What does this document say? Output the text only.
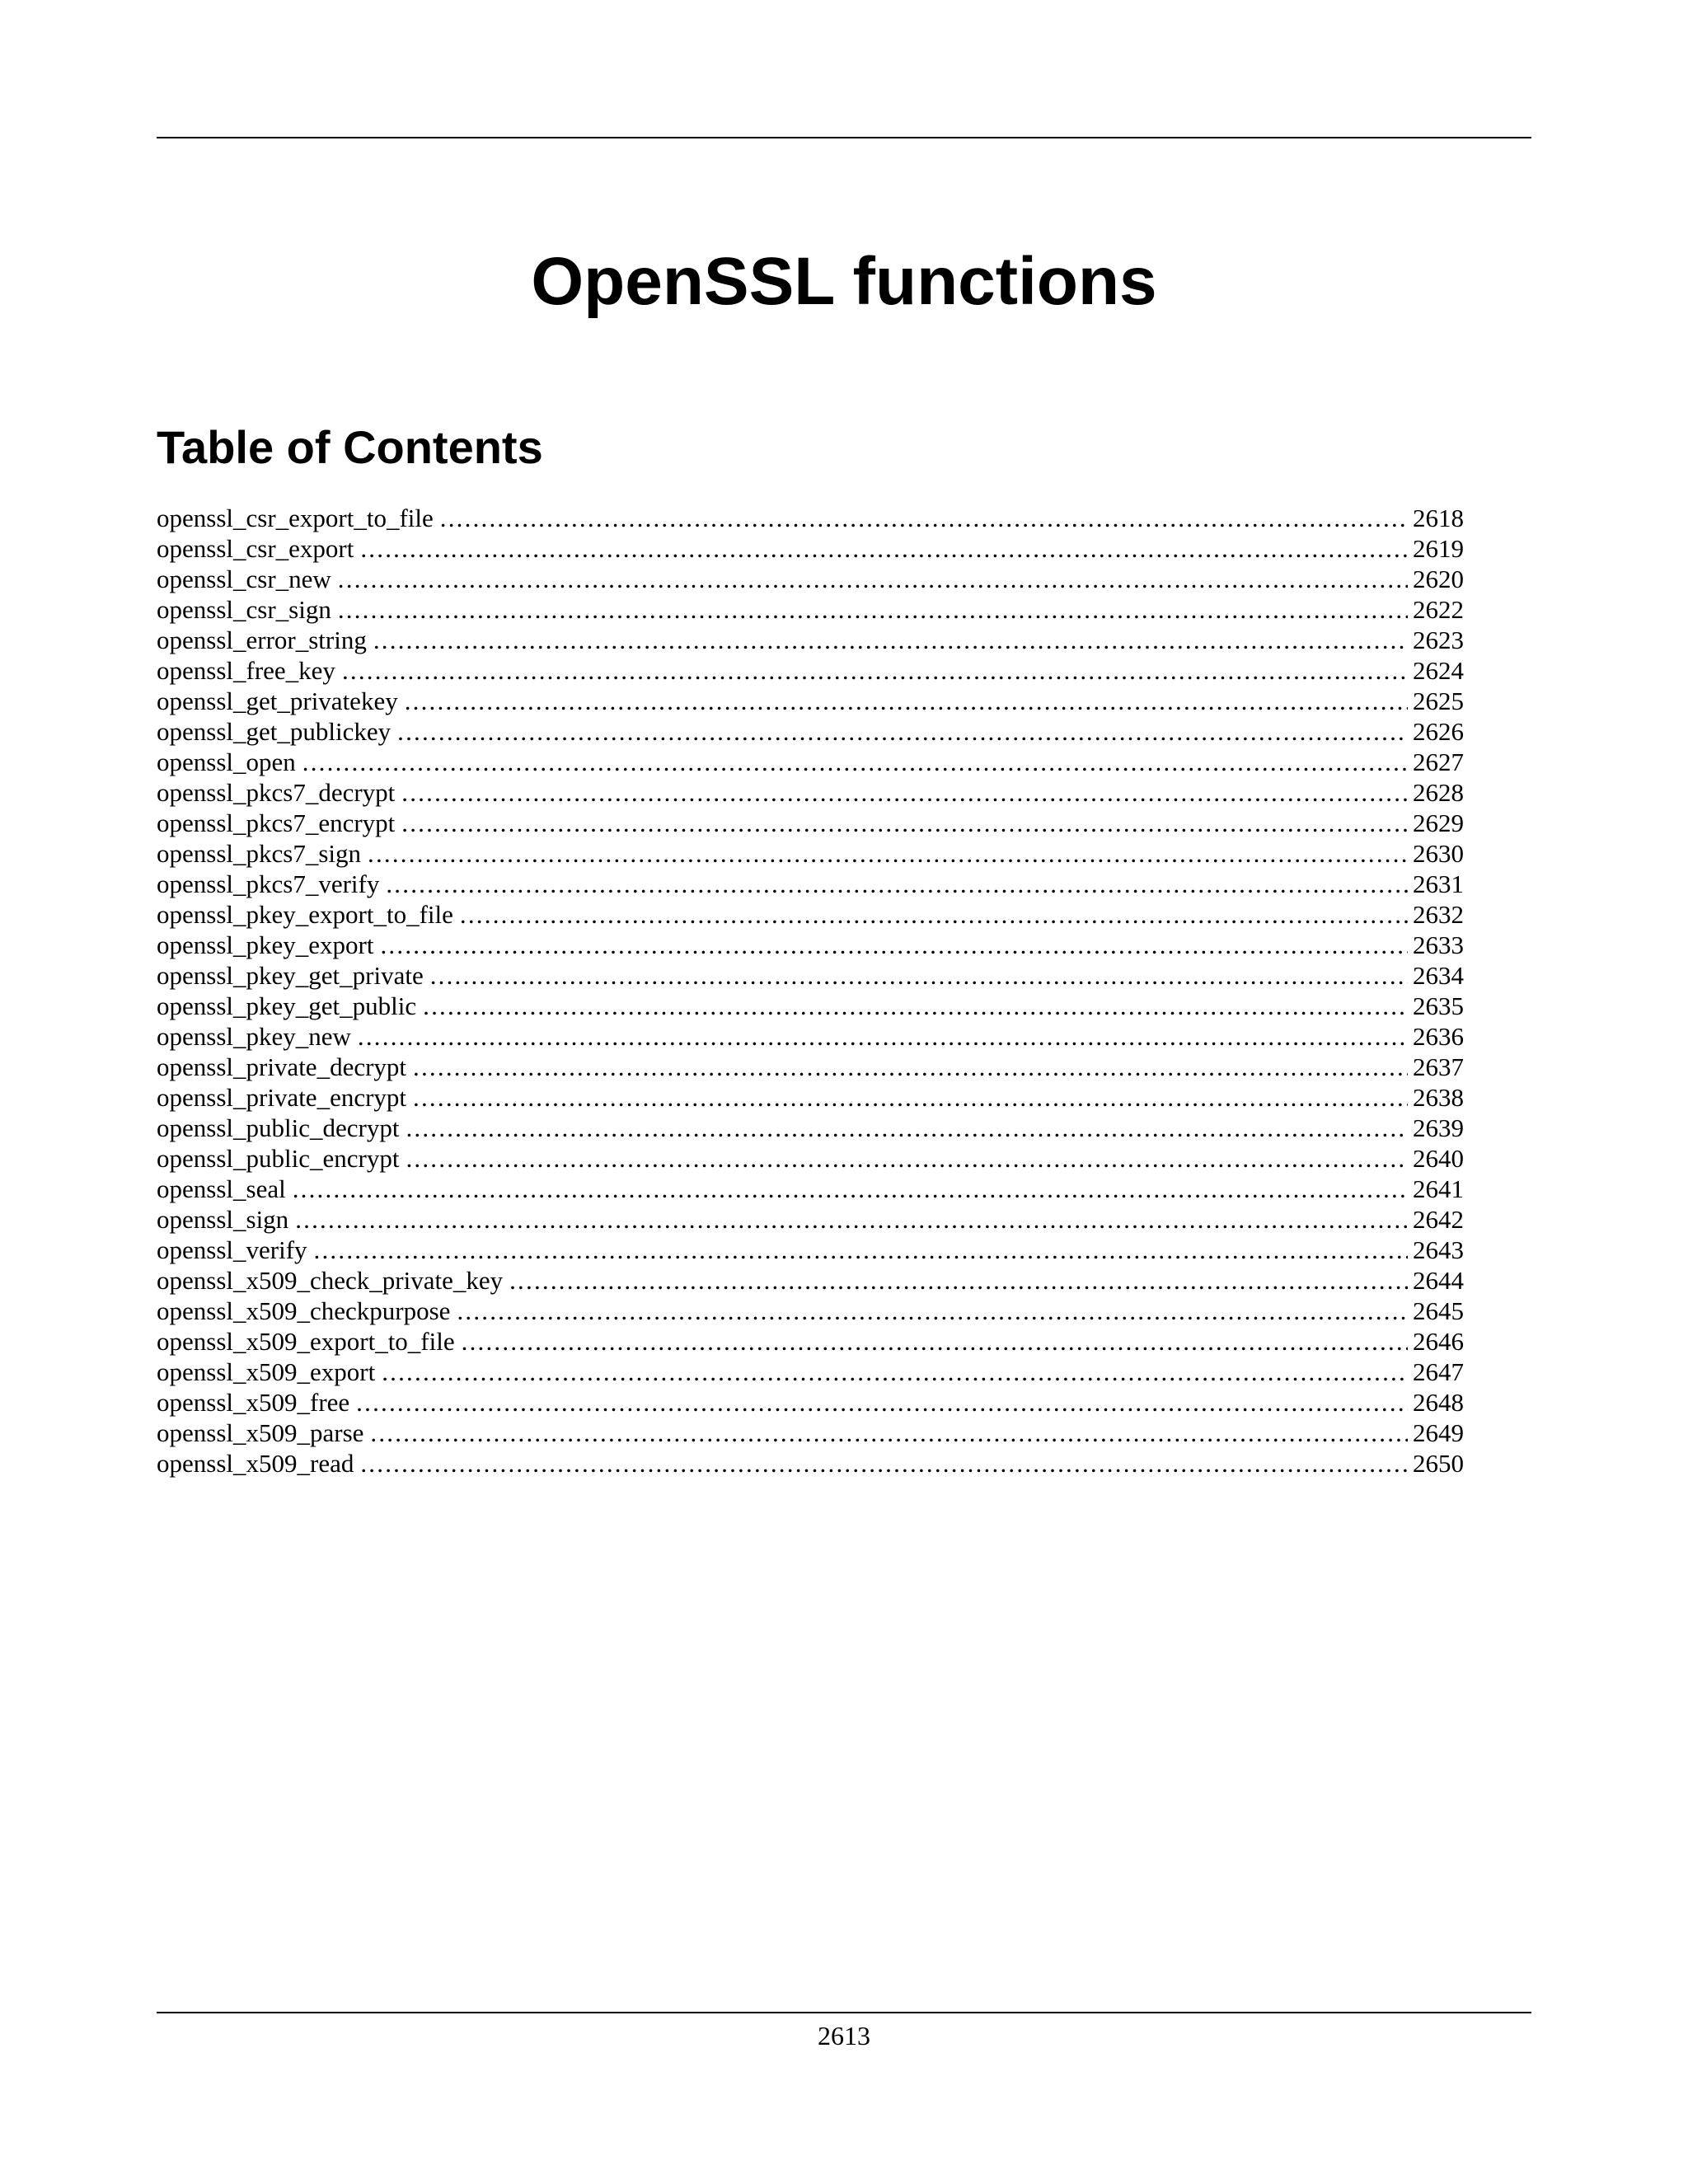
OpenSSL functions
Table of Contents
openssl_csr_export_to_file .....	2618
openssl_csr_export .....	2619
openssl_csr_new .....	2620
openssl_csr_sign .....	2622
openssl_error_string .....	2623
openssl_free_key .....	2624
openssl_get_privatekey .....	2625
openssl_get_publickey .....	2626
openssl_open .....	2627
openssl_pkcs7_decrypt .....	2628
openssl_pkcs7_encrypt .....	2629
openssl_pkcs7_sign .....	2630
openssl_pkcs7_verify .....	2631
openssl_pkey_export_to_file .....	2632
openssl_pkey_export .....	2633
openssl_pkey_get_private .....	2634
openssl_pkey_get_public .....	2635
openssl_pkey_new .....	2636
openssl_private_decrypt .....	2637
openssl_private_encrypt .....	2638
openssl_public_decrypt .....	2639
openssl_public_encrypt .....	2640
openssl_seal .....	2641
openssl_sign .....	2642
openssl_verify .....	2643
openssl_x509_check_private_key .....	2644
openssl_x509_checkpurpose .....	2645
openssl_x509_export_to_file .....	2646
openssl_x509_export .....	2647
openssl_x509_free .....	2648
openssl_x509_parse .....	2649
openssl_x509_read .....	2650
2613
